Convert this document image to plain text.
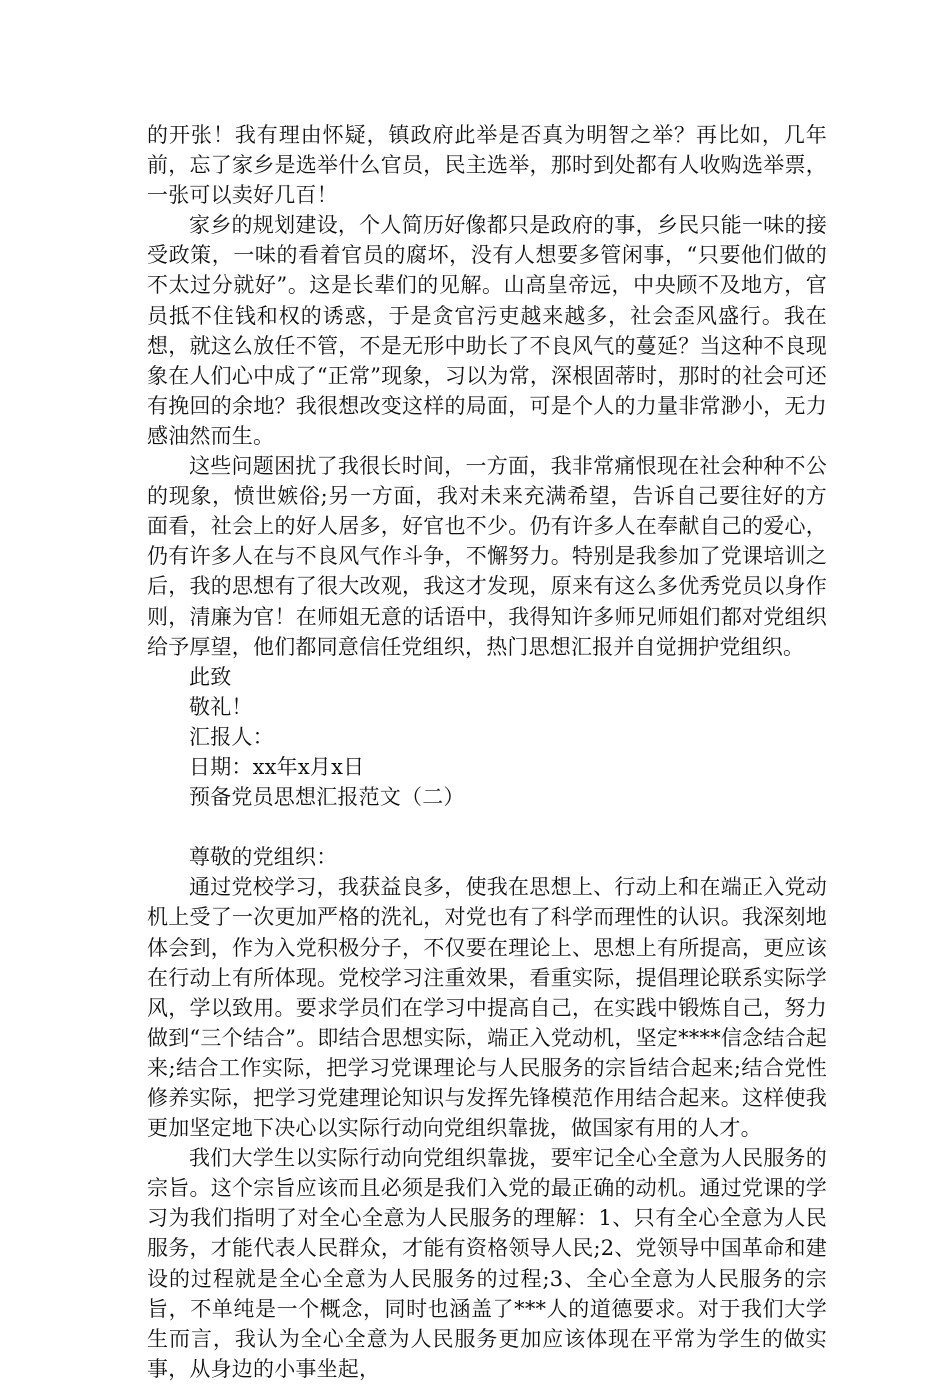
的开张！我有理由怀疑，镇政府此举是否真为明智之举？再比如，几年前，忘了家乡是选举什么官员，民主选举，那时到处都有人收购选举票，一张可以卖好几百！

家乡的规划建设，个人简历好像都只是政府的事，乡民只能一味的接受政策，一味的看着官员的腐坏，没有人想要多管闲事，“只要他们做的不太过分就好”。这是长辈们的见解。山高皇帝远，中央顾不及地方，官员抵不住钱和权的诱惑，于是贪官污吏越来越多，社会歪风盛行。我在想，就这么放任不管，不是无形中助长了不良风气的蔓延？当这种不良现象在人们心中成了“正常”现象，习以为常，深根固蒂时，那时的社会可还有挽回的余地？我很想改变这样的局面，可是个人的力量非常渺小，无力感油然而生。

这些问题困扰了我很长时间，一方面，我非常痛恨现在社会种种不公的现象，愤世嫉俗;另一方面，我对未来充满希望，告诉自己要往好的方面看，社会上的好人居多，好官也不少。仍有许多人在奉献自己的爱心，仍有许多人在与不良风气作斗争，不懈努力。特别是我参加了党课培训之后，我的思想有了很大改观，我这才发现，原来有这么多优秀党员以身作则，清廉为官！在师姐无意的话语中，我得知许多师兄师姐们都对党组织给予厚望，他们都同意信任党组织，热门思想汇报并自觉拥护党组织。

此致

敬礼！

汇报人：

日期：xx年x月x日

预备党员思想汇报范文（二）

尊敬的党组织：

通过党校学习，我获益良多，使我在思想上、行动上和在端正入党动机上受了一次更加严格的洗礼，对党也有了科学而理性的认识。我深刻地体会到，作为入党积极分子，不仅要在理论上、思想上有所提高，更应该在行动上有所体现。党校学习注重效果，看重实际，提倡理论联系实际学风，学以致用。要求学员们在学习中提高自己，在实践中锻炼自己，努力做到“三个结合”。即结合思想实际，端正入党动机，坚定****信念结合起来;结合工作实际，把学习党课理论与人民服务的宗旨结合起来;结合党性修养实际，把学习党建理论知识与发挥先锋模范作用结合起来。这样使我更加坚定地下决心以实际行动向党组织靠拢，做国家有用的人才。

我们大学生以实际行动向党组织靠拢，要牢记全心全意为人民服务的宗旨。这个宗旨应该而且必须是我们入党的最正确的动机。通过党课的学习为我们指明了对全心全意为人民服务的理解：1、只有全心全意为人民服务，才能代表人民群众，才能有资格领导人民;2、党领导中国革命和建设的过程就是全心全意为人民服务的过程;3、全心全意为人民服务的宗旨，不单纯是一个概念，同时也涵盖了***人的道德要求。对于我们大学生而言，我认为全心全意为人民服务更加应该体现在平常为学生的做实事，从身边的小事坐起，
